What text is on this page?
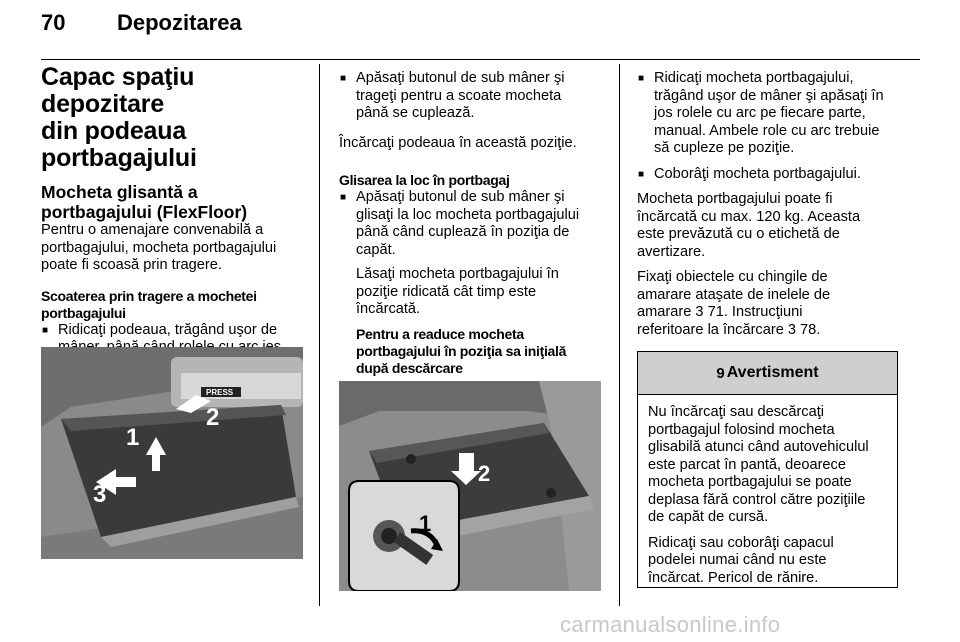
70 Depozitarea

Capac spaţiu depozitare
din podeaua portbagajului

Mocheta glisantă a
portbagajului (FlexFloor)

Pentru o amenajare convenabilă a
portbagajului, mocheta portbagajului
poate fi scoasă prin tragere.

Scoaterea prin tragere a mochetei
portbagajului

■ Ridicaţi podeaua, trăgând uşor de

PRESS
1
2
3

■ Apăsaţi butonul de sub mâner şi
trageţi pentru a scoate mocheta
până se cuplează.

Încărcaţi podeaua în această poziţie.

Glisarea la loc în portbagaj

■ Apăsaţi butonul de sub mâner şi
glisaţi la loc mocheta portbagajului
până când cuplează în poziţia de
capăt.

Lăsaţi mocheta portbagajului în
poziţie ridicată cât timp este
încărcată.

Pentru a readuce mocheta
portbagajului în poziţia sa iniţială
după descărcare

2
1

■ Ridicaţi mocheta portbagajului,
trăgând uşor de mâner şi apăsaţi în
jos rolele cu arc pe fiecare parte,
manual. Ambele role cu arc trebuie
să cupleze pe poziţie.

■ Coborâţi mocheta portbagajului.

Mocheta portbagajului poate fi
încărcată cu max. 120 kg. Aceasta
este prevăzută cu o etichetă de
avertizare.

Fixaţi obiectele cu chingile de
amarare ataşate de inelele de
amarare 3 71. Instrucţiuni
referitoare la încărcare 3 78.

9 Avertisment

Nu încărcaţi sau descărcaţi
portbagajul folosind mocheta
glisabilă atunci când autovehiculul
este parcat în pantă, deoarece
mocheta portbagajului se poate
deplasa fără control către poziţiile
de capăt de cursă.

Ridicaţi sau coborâţi capacul
podelei numai când nu este
încărcat. Pericol de rănire.

carmanualsonline.info
